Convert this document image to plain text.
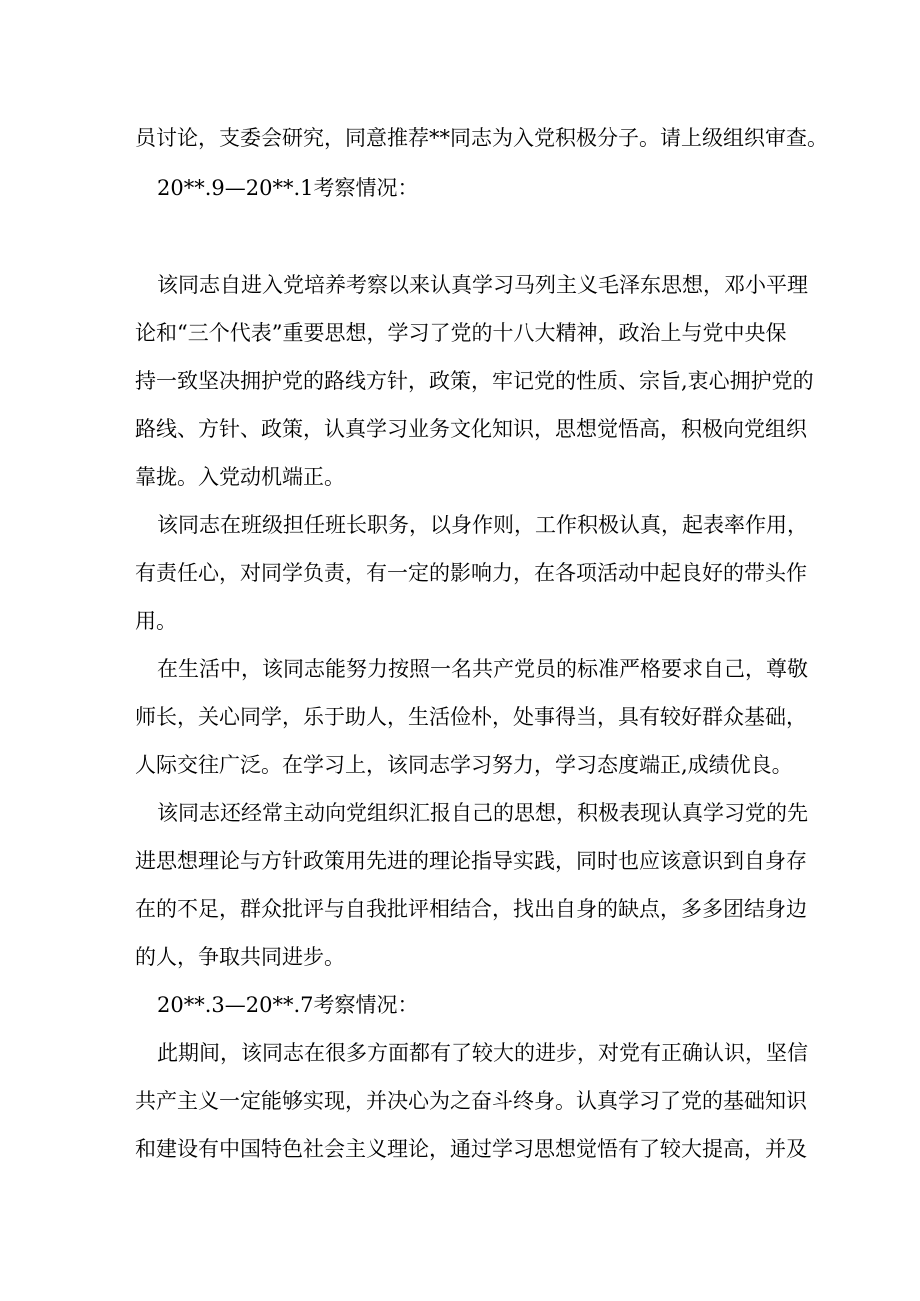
员讨论，支委会研究，同意推荐**同志为入党积极分子。请上级组织审查。
20**.9—20**.1考察情况：
该同志自进入党培养考察以来认真学习马列主义毛泽东思想，邓小平理
论和“三个代表”重要思想，学习了党的十八大精神，政治上与党中央保
持一致坚决拥护党的路线方针，政策，牢记党的性质、宗旨,衷心拥护党的
路线、方针、政策，认真学习业务文化知识，思想觉悟高，积极向党组织
靠拢。入党动机端正。
该同志在班级担任班长职务，以身作则，工作积极认真，起表率作用，
有责任心，对同学负责，有一定的影响力，在各项活动中起良好的带头作
用。
在生活中，该同志能努力按照一名共产党员的标准严格要求自己，尊敬
师长，关心同学，乐于助人，生活俭朴，处事得当，具有较好群众基础，
人际交往广泛。在学习上，该同志学习努力，学习态度端正,成绩优良。
该同志还经常主动向党组织汇报自己的思想，积极表现认真学习党的先
进思想理论与方针政策用先进的理论指导实践，同时也应该意识到自身存
在的不足，群众批评与自我批评相结合，找出自身的缺点，多多团结身边
的人，争取共同进步。
20**.3—20**.7考察情况：
此期间，该同志在很多方面都有了较大的进步，对党有正确认识，坚信
共产主义一定能够实现，并决心为之奋斗终身。认真学习了党的基础知识
和建设有中国特色社会主义理论，通过学习思想觉悟有了较大提高，并及
